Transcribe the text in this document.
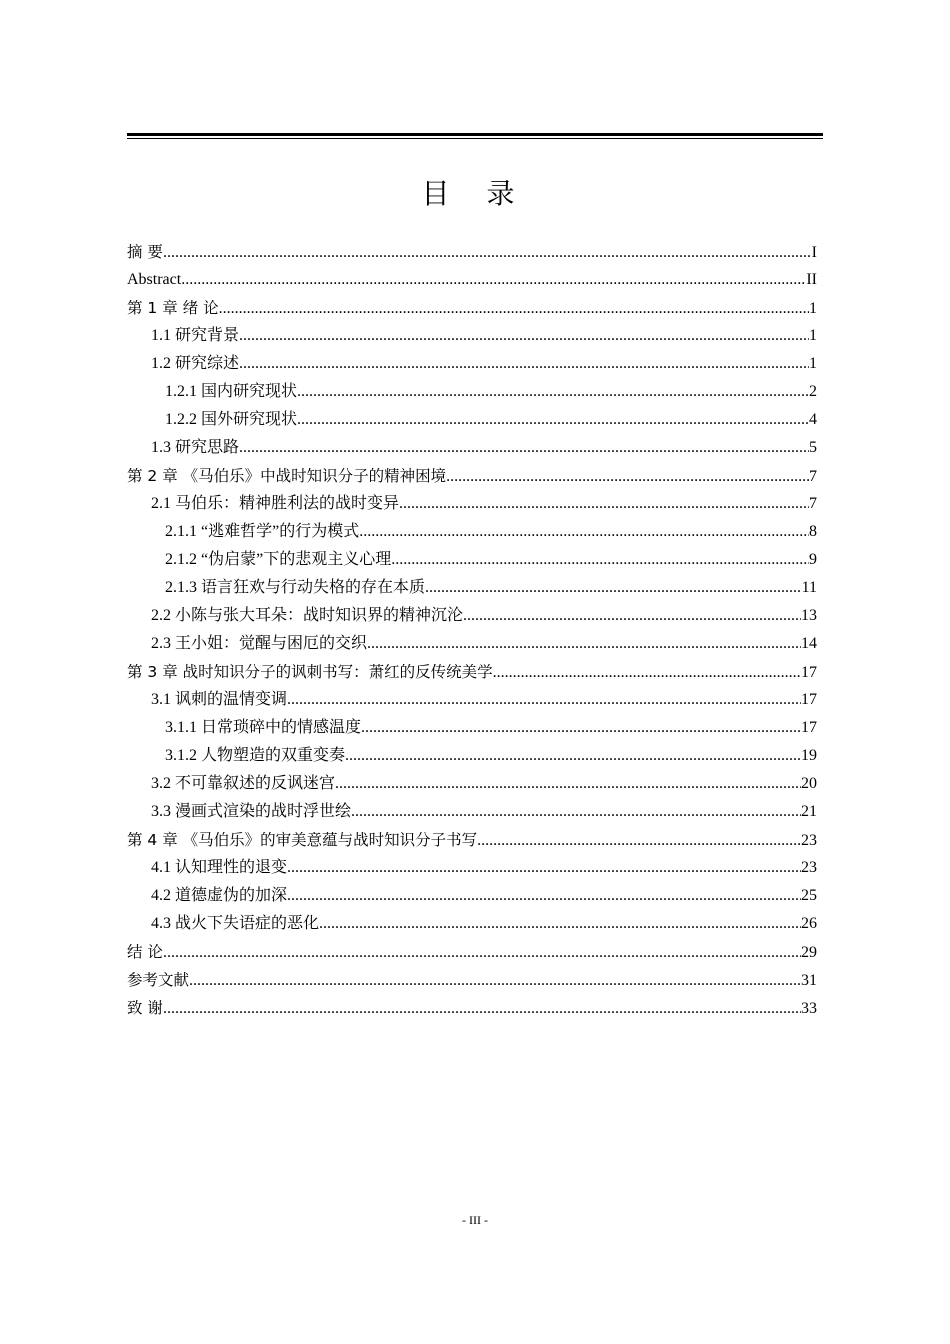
目 录
摘 要 .....	I
Abstract .....	II
第 1 章 绪 论 .....	1
1.1 研究背景 .....	1
1.2 研究综述 .....	1
1.2.1 国内研究现状 .....	2
1.2.2 国外研究现状 .....	4
1.3 研究思路 .....	5
第 2 章 《马伯乐》中战时知识分子的精神困境 .....	7
2.1 马伯乐：精神胜利法的战时变异 .....	7
2.1.1 “逃难哲学”的行为模式 .....	8
2.1.2 “伪启蒙”下的悲观主义心理 .....	9
2.1.3 语言狂欢与行动失格的存在本质 .....	11
2.2 小陈与张大耳朵：战时知识界的精神沉沦 .....	13
2.3 王小姐：觉醒与困厄的交织 .....	14
第 3 章 战时知识分子的讽刺书写：萧红的反传统美学 .....	17
3.1 讽刺的温情变调 .....	17
3.1.1 日常琐碎中的情感温度 .....	17
3.1.2 人物塑造的双重变奏 .....	19
3.2 不可靠叙述的反讽迷宫 .....	20
3.3 漫画式渲染的战时浮世绘 .....	21
第 4 章 《马伯乐》的审美意蕴与战时知识分子书写 .....	23
4.1 认知理性的退变 .....	23
4.2 道德虚伪的加深 .....	25
4.3 战火下失语症的恶化 .....	26
结 论 .....	29
参考文献 .....	31
致 谢 .....	33
- III -
